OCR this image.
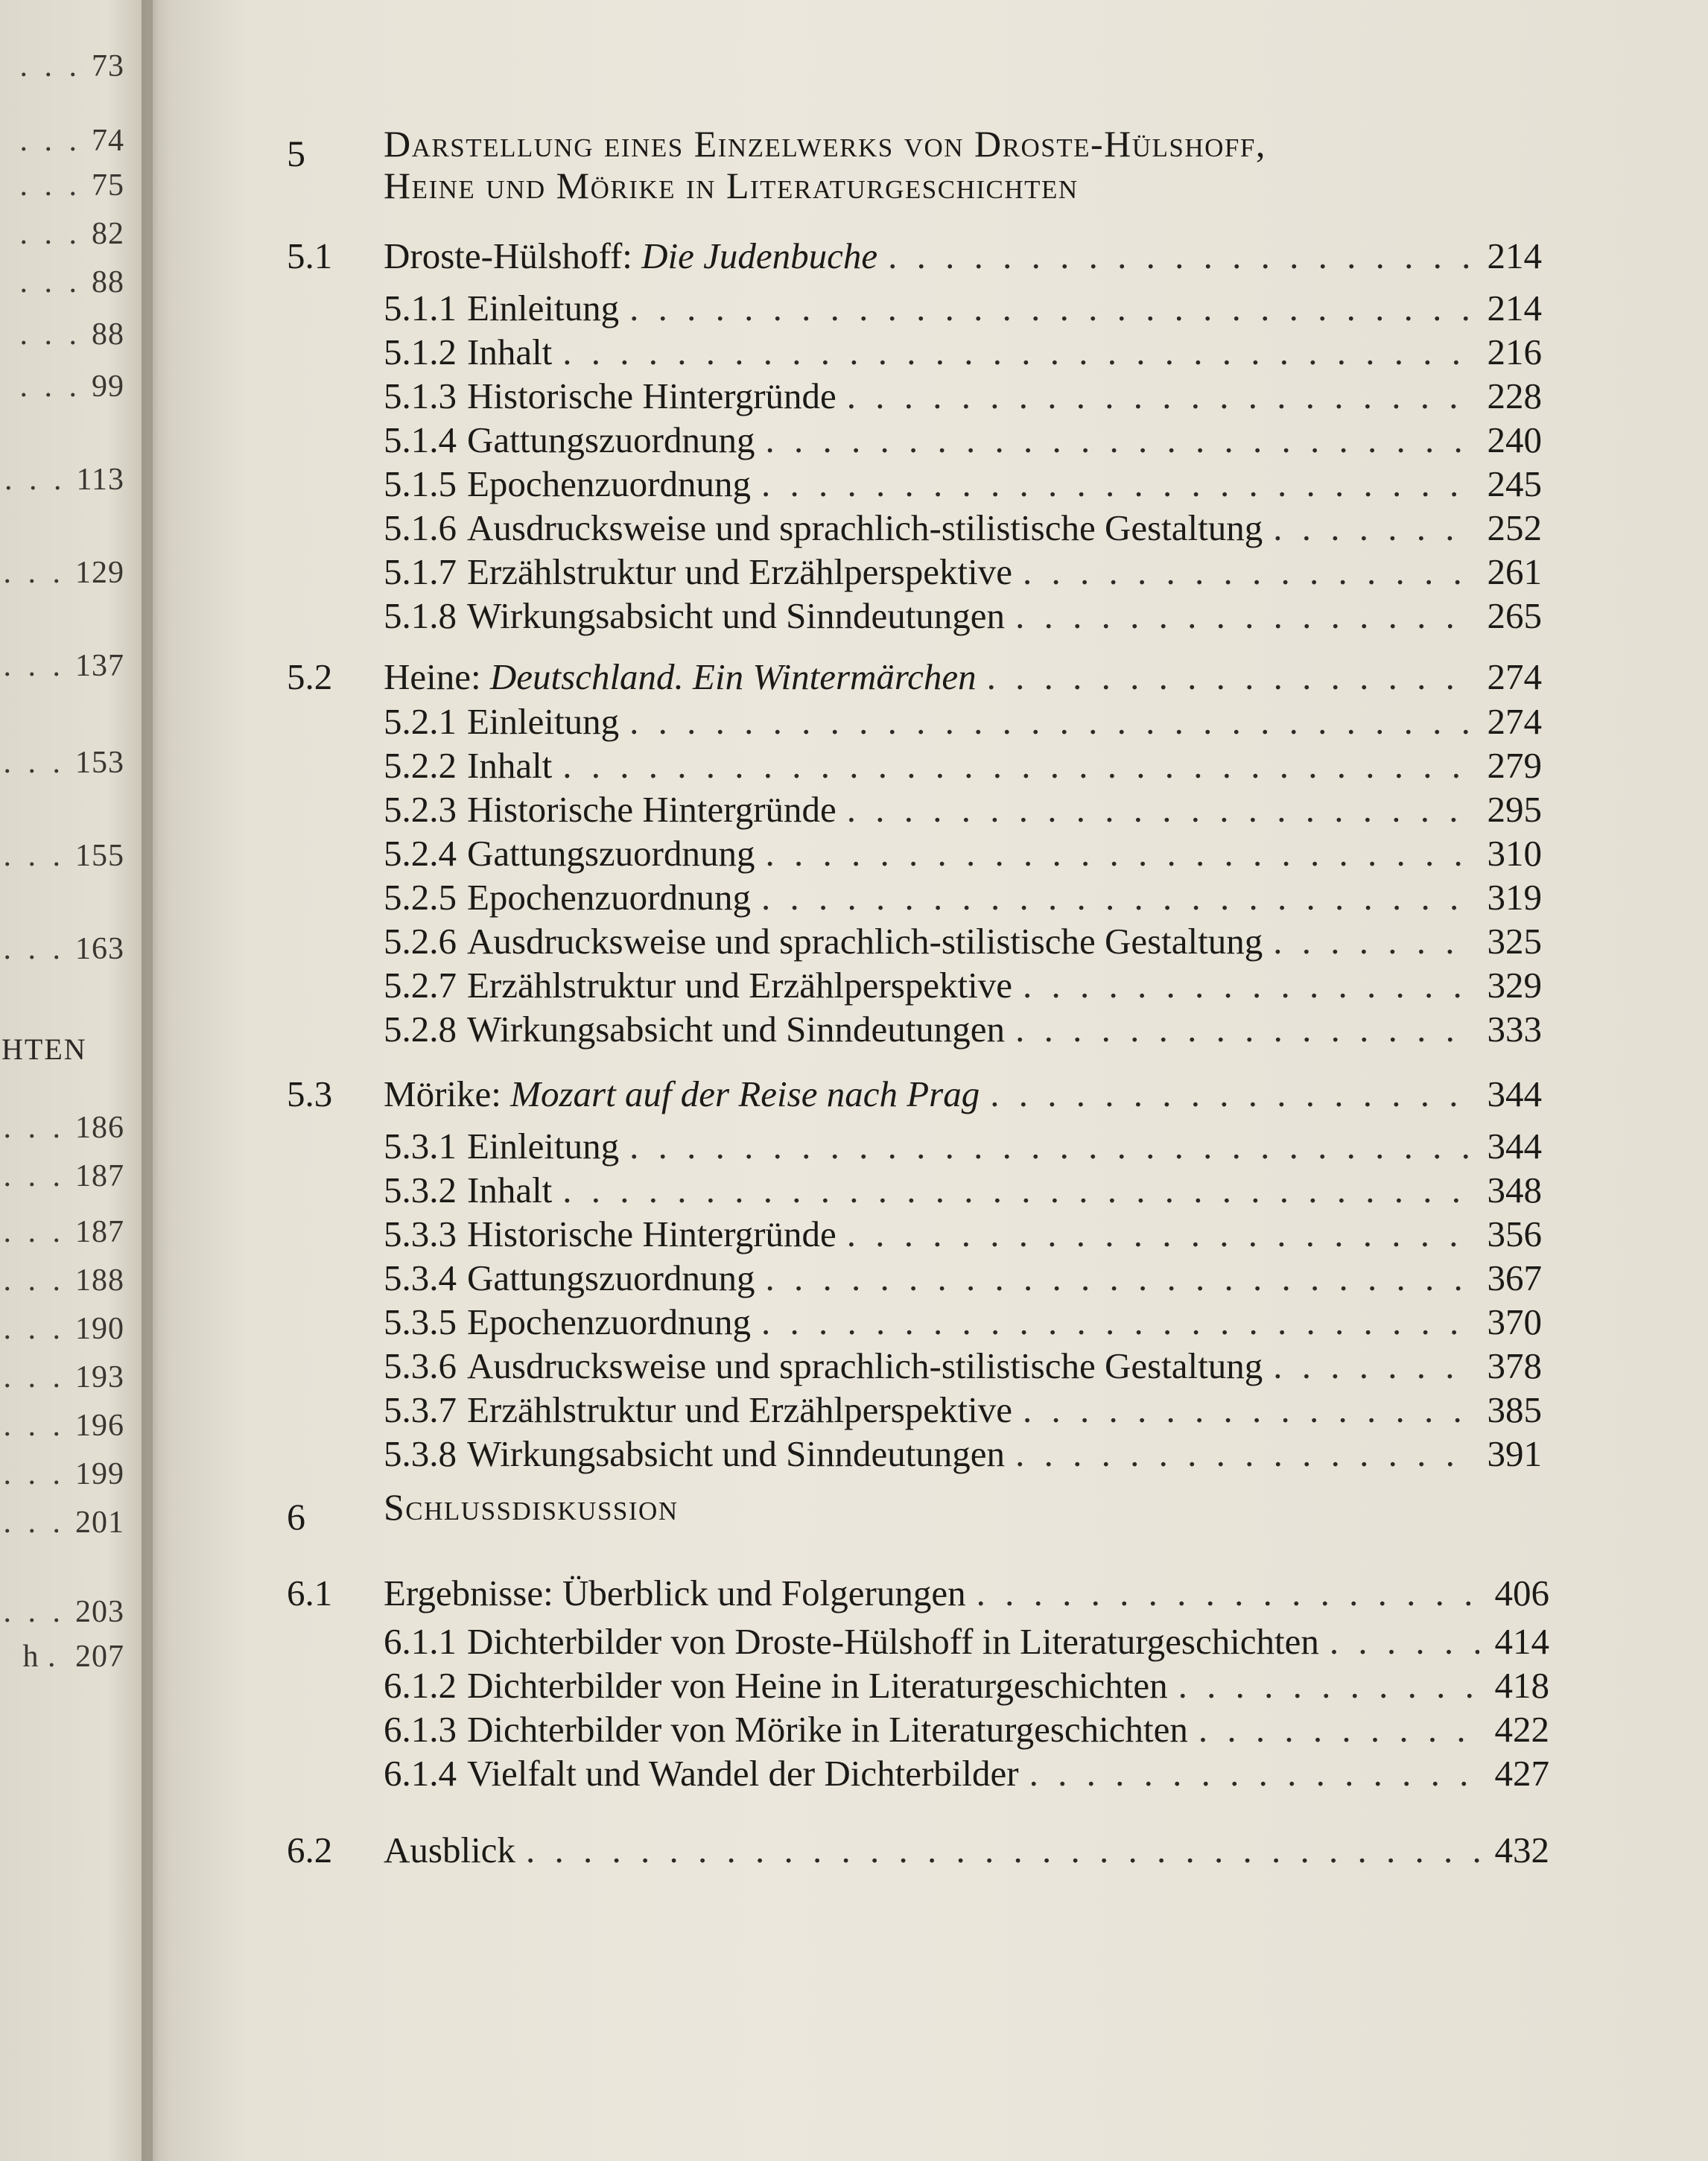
. . . 73
. . . 74
. . . 75
. . . 82
. . . 88
. . . 88
. . . 99
. . . 113
. . . 129
. . . 137
. . . 153
. . . 155
. . . 163
. . . 186
. . . 187
. . . 187
. . . 188
. . . 190
. . . 193
. . . 196
. . . 199
. . . 201
. . . 203
h . 207
HTEN
5	Darstellung eines Einzelwerks von Droste-Hülshoff,
Heine und Mörike in Literaturgeschichten
5.1	Droste-Hülshoff: Die Judenbuche . . .	214
5.1.1 Einleitung . . .	214
5.1.2 Inhalt . . .	216
5.1.3 Historische Hintergründe . . .	228
5.1.4 Gattungszuordnung . . .	240
5.1.5 Epochenzuordnung . . .	245
5.1.6 Ausdrucksweise und sprachlich-stilistische Gestaltung . . .	252
5.1.7 Erzählstruktur und Erzählperspektive . . .	261
5.1.8 Wirkungsabsicht und Sinndeutungen . . .	265
5.2	Heine: Deutschland. Ein Wintermärchen . . .	274
5.2.1 Einleitung . . .	274
5.2.2 Inhalt . . .	279
5.2.3 Historische Hintergründe . . .	295
5.2.4 Gattungszuordnung . . .	310
5.2.5 Epochenzuordnung . . .	319
5.2.6 Ausdrucksweise und sprachlich-stilistische Gestaltung . . .	325
5.2.7 Erzählstruktur und Erzählperspektive . . .	329
5.2.8 Wirkungsabsicht und Sinndeutungen . . .	333
5.3	Mörike: Mozart auf der Reise nach Prag . . .	344
5.3.1 Einleitung . . .	344
5.3.2 Inhalt . . .	348
5.3.3 Historische Hintergründe . . .	356
5.3.4 Gattungszuordnung . . .	367
5.3.5 Epochenzuordnung . . .	370
5.3.6 Ausdrucksweise und sprachlich-stilistische Gestaltung . . .	378
5.3.7 Erzählstruktur und Erzählperspektive . . .	385
5.3.8 Wirkungsabsicht und Sinndeutungen . . .	391
6	Schlussdiskussion
6.1	Ergebnisse: Überblick und Folgerungen . . .	406
6.1.1 Dichterbilder von Droste-Hülshoff in Literaturgeschichten . . .	414
6.1.2 Dichterbilder von Heine in Literaturgeschichten . . .	418
6.1.3 Dichterbilder von Mörike in Literaturgeschichten . . .	422
6.1.4 Vielfalt und Wandel der Dichterbilder . . .	427
6.2	Ausblick . . .	432
